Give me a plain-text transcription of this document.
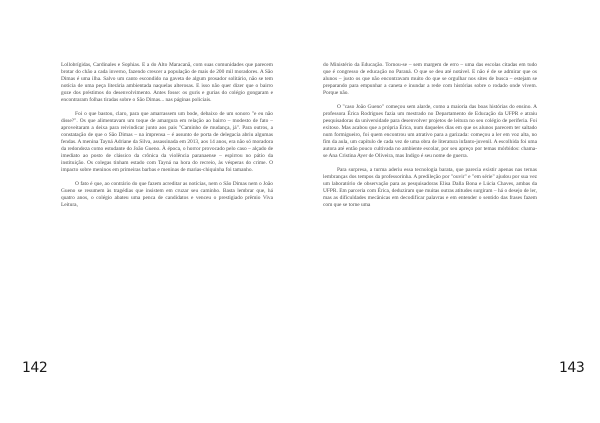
Lollobrígidas, Cardinales e Sophias. E a do Alto Maracanã, com suas comunidades que parecem brotar do chão a cada inverno, fazendo crescer a população de mais de 200 mil moradores. A São Dimas é uma ilha. Salvo um canto escondido na gaveta de algum prosador solitário, não se tem notícia de uma peça literária ambientada naquelas alterosas. E isso não quer dizer que o bairro goze dos préstimos do desenvolvimento. Antes fosse: os guris e gurias do colégio gongaram e encontraram folhas tiradas sobre o São Dimas... nas páginas policiais.

Foi o que bastou, claro, para que amarrassem um bode, debaixo de um sonoro "e eu não disse?". Os que alimentavam um toque de amargura em relação ao bairro – modesto de fato – aproveitaram a deixa para reivindicar junto aos pais "Caminho de mudança, já". Para outros, a constatação de que o São Dimas – na imprensa – é assunto de porta de delegacia abriu algumas fendas. A menina Tayná Adriane da Silva, assassinada em 2013, aos 14 anos, era não só moradora da redondeza como estudante do João Gueno. À época, o horror provocado pelo caso – alçado de imediato ao posto de clássico da crônica da violência paranaense – espirrou no pátio da instituição. Os colegas tinham estado com Tayná na hora do recreio, às vésperas do crime. O impacto sobre meninos em primeiras barbas e meninas de marias-chiquinha foi tamanho.

O fato é que, ao contrário do que fazem acreditar as notícias, nem o São Dimas nem o João Gueno se resumem às tragédias que insistem em cruzar seu caminho. Basta lembrar que, há quatro anos, o colégio abateu uma penca de candidatos e venceu o prestigiado prêmio Viva Leitura,

142

do Ministério da Educação. Tornou-se – sem margem de erro – uma das escolas citadas em tudo que é congresso de educação no Paraná. O que se deu até notável. E não é de se admirar que os alunos – justo os que não encontravam muito do que se orgulhar nos sites de busca – estejam se preparando para empunhar a caneta e inundar a rede com histórias sobre o rodado onde vivem. Porque não.

O "caso João Gueno" começou sem alarde, como a maioria das boas histórias do ensino. A professora Érica Rodrigues fazia um mestrado no Departamento de Educação da UFPR e atraiu pesquisadoras da universidade para desenvolver projetos de leitura no seu colégio de periferia. Foi exitoso. Mas acabou que a própria Érica, num daqueles dias em que os alunos parecem ter saltado num formigueiro, foi quem encontrou um atrativo para a garizada: começou a ler em voz alta, no fim da aula, um capítulo de cada vez de uma obra de literatura infanto-juvenil. A escolhida foi uma autora até então pouco cultivada no ambiente escolar, por seu apreço por temas mórbidos: chama-se Ana Cristina Ayer de Oliveira, mas Indigo é seu nome de guerra.

Para surpresa, a turma aderiu essa tecnologia barata, que parecia existir apenas nas ternas lembranças dos tempos da professorinha. A predileção por "ouvir" e "em série" ajudou por sua vez um laboratório de observação para as pesquisadoras Elisa Dalla Bona e Lúcia Chaves, ambas da UFPR. Em parceria com Érica, deduziram que muitas outras atitudes surgiram – há o desejo de ler, mas as dificuldades mecânicas em decodificar palavras e em entender o sentido das frases fazem com que se torne uma

143
